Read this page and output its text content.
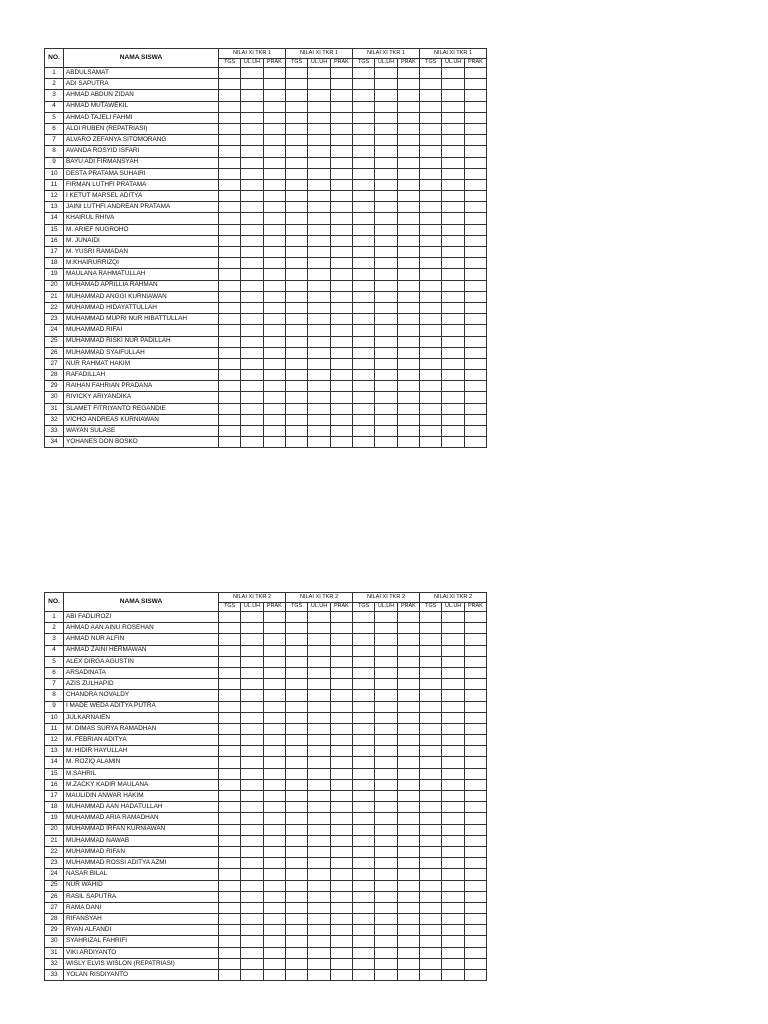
NO.	NAMA SISWA	NILAI XI TKR 1			NILAI XI TKR 1			NILAI XI TKR 1			NILAI XI TKR 1		
		TGS	UL.UH	PRAK	TGS	UL.UH	PRAK	TGS	UL.UH	PRAK	TGS	UL.UH	PRAK
1	ABDULSAMAT												
2	ADI SAPUTRA												
3	AHMAD ABDUN ZIDAN												
4	AHMAD MUTAWEKIL												
5	AHMAD TAJELI FAHMI												
6	ALDI RUBEN (REPATRIASI)												
7	ALVARO ZEFANYA SITOMORANG												
8	AVANDA ROSYID ISFARI												
9	BAYU ADI FIRMANSYAH												
10	DESTA PRATAMA SUHAIRI												
11	FIRMAN LUTHFI PRATAMA												
12	I KETUT MARSEL ADITYA												
13	JAINI LUTHFI ANDREAN PRATAMA												
14	KHAIRUL RHIVA												
15	M. ARIEF NUGROHO												
16	M. JUNAIDI												
17	M. YUSRI RAMADAN												
18	M.KHAIRURRIZQI												
19	MAULANA RAHMATULLAH												
20	MUHAMAD APRILLIA RAHMAN												
21	MUHAMMAD ANGGI KURNIAWAN												
22	MUHAMMAD HIDAYATTULLAH												
23	MUHAMMAD MUPRI NUR HIBATTULLAH												
24	MUHAMMAD RIFAI												
25	MUHAMMAD RISKI NUR PADILLAH												
26	MUHAMMAD SYAIFULLAH												
27	NUR RAHMAT HAKIM												
28	RAFADILLAH												
29	RAIHAN FAHRIAN PRADANA												
30	RIVICKY ARIYANDIKA												
31	SLAMET FITRIYANTO REGANDIE												
32	VICHO ANDREAS KURNIAWAN												
33	WAYAN SULASE												
34	YOHANES DON BOSKO												
NO.	NAMA SISWA	NILAI XI TKR 2			NILAI XI TKR 2			NILAI XI TKR 2			NILAI XI TKR 2		
		TGS	UL.UH	PRAK	TGS	UL.UH	PRAK	TGS	UL.UH	PRAK	TGS	UL.UH	PRAK
1	ABI FADLIROZI												
2	AHMAD AAN AINU ROSEHAN												
3	AHMAD NUR ALFIN												
4	AHMAD ZAINI HERMAWAN												
5	ALEX DIRGA AGUSTIN												
6	ARSADINATA												
7	AZIS ZULHAPID												
8	CHANDRA NOVALDY												
9	I MADE WEDA ADITYA PUTRA												
10	JULKARNAIEN												
11	M. DIMAS SURYA RAMADHAN												
12	M. FEBRIAN ADITYA												
13	M. HIDIR HAYULLAH												
14	M. ROZIQ ALAMIN												
15	M.SAHRIL												
16	M.ZACKY KADIR MAULANA												
17	MAULIDIN ANWAR HAKIM												
18	MUHAMMAD AAN HADATULLAH												
19	MUHAMMAD ARIA RAMADHAN												
20	MUHAMMAD IRFAN KURNIAWAN												
21	MUHAMMAD NAWAB												
22	MUHAMMAD RIFAN												
23	MUHAMMAD ROSSI ADITYA AZMI												
24	NASAR BILAL												
25	NUR WAHID												
26	RASIL SAPUTRA												
27	RAMA DANI												
28	RIFANSYAH												
29	RYAN ALFANDI												
30	SYAHRIZAL FAHRIFI												
31	VIKI ARDIYANTO												
32	WISLY ELVIS WISLON (REPATRIASI)												
33	YOLAN RISDIYANTO												
